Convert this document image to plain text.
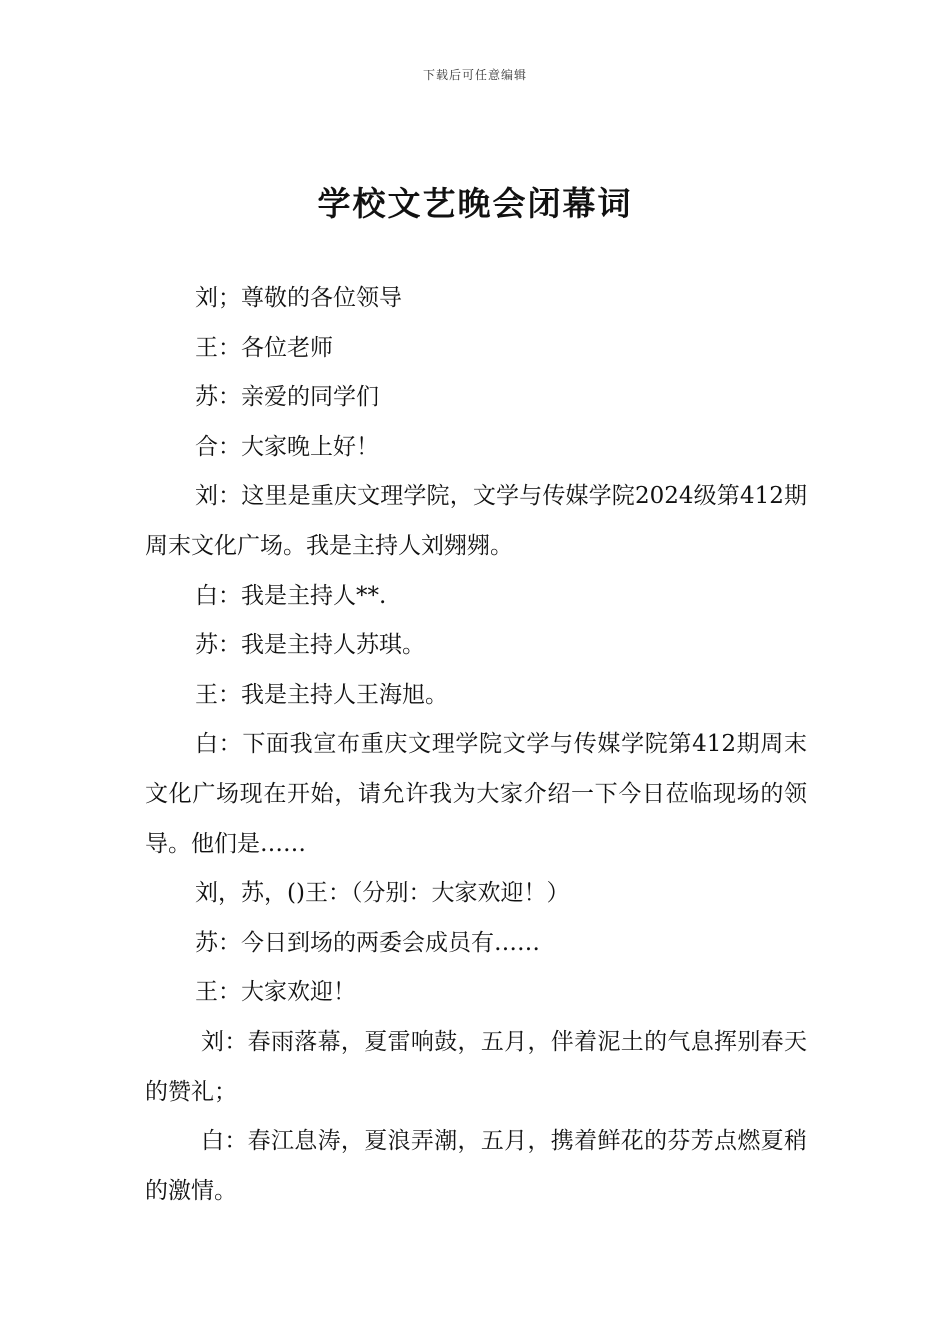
下载后可任意编辑
学校文艺晚会闭幕词

刘；尊敬的各位领导

王：各位老师

苏：亲爱的同学们

合：大家晚上好！

刘：这里是重庆文理学院，文学与传媒学院2024级第412期周末文化广场。我是主持人刘翙翙。

白：我是主持人**.

苏：我是主持人苏琪。

王：我是主持人王海旭。

白：下面我宣布重庆文理学院文学与传媒学院第412期周末文化广场现在开始，请允许我为大家介绍一下今日莅临现场的领导。他们是……

刘，苏，()王：（分别：大家欢迎！）

苏：今日到场的两委会成员有……

王：大家欢迎！

刘：春雨落幕，夏雷响鼓，五月，伴着泥土的气息挥别春天的赞礼；

白：春江息涛，夏浪弄潮，五月，携着鲜花的芬芳点燃夏稍的激情。
